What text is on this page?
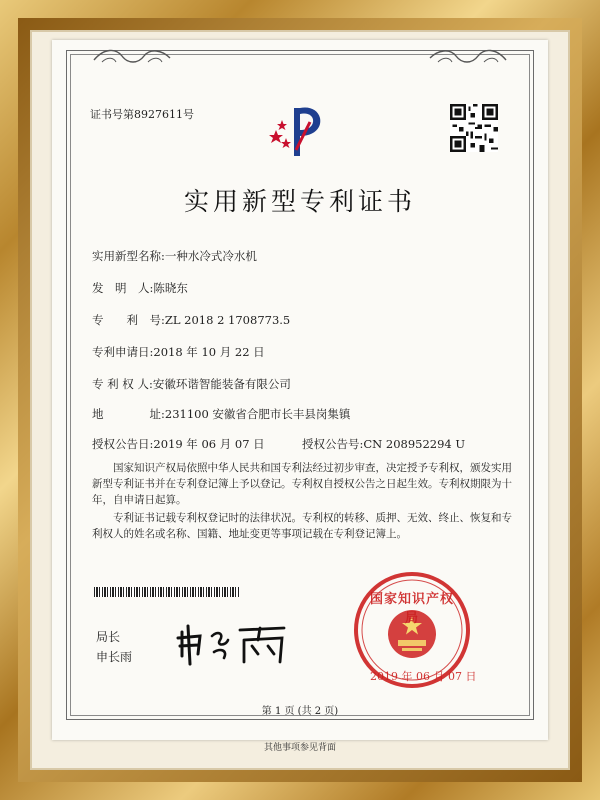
证书号第8927611号
实用新型专利证书
实用新型名称:一种水冷式冷水机
发　明　人:陈晓东
专　　利　号:ZL 2018 2 1708773.5
专利申请日:2018 年 10 月 22 日
专 利 权 人:安徽环谐智能装备有限公司
地　　　　址:231100 安徽省合肥市长丰县岗集镇
授权公告日:2019 年 06 月 07 日	授权公告号:CN 208952294 U
国家知识产权局依照中华人民共和国专利法经过初步审查，决定授予专利权，颁发实用新型专利证书并在专利登记簿上予以登记。专利权自授权公告之日起生效。专利权期限为十年，自申请日起算。
专利证书记载专利权登记时的法律状况。专利权的转移、质押、无效、终止、恢复和专利权人的姓名或名称、国籍、地址变更等事项记载在专利登记簿上。
局长
申长雨
国家知识产权局
2019 年 06 月 07 日
第 1 页 (共 2 页)
其他事项参见背面
